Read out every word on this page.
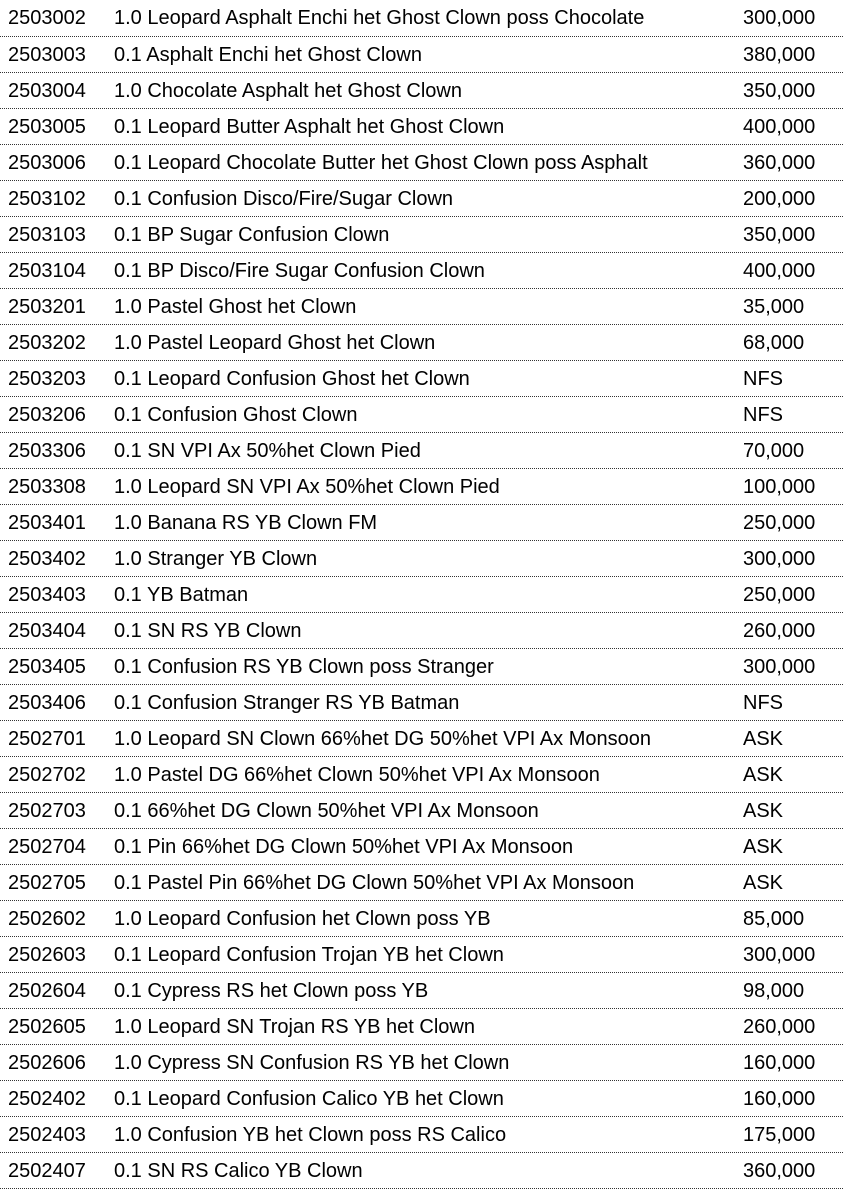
2503002 1.0 Leopard Asphalt Enchi het Ghost Clown poss Chocolate	300,000
2503003 0.1 Asphalt Enchi het Ghost Clown	380,000
2503004 1.0 Chocolate Asphalt het Ghost Clown	350,000
2503005 0.1 Leopard Butter Asphalt het Ghost Clown	400,000
2503006 0.1 Leopard Chocolate Butter het Ghost Clown poss Asphalt	360,000
2503102 0.1 Confusion Disco/Fire/Sugar Clown	200,000
2503103 0.1 BP Sugar Confusion Clown	350,000
2503104 0.1 BP Disco/Fire Sugar Confusion Clown	400,000
2503201 1.0 Pastel Ghost het Clown	35,000
2503202 1.0 Pastel Leopard Ghost het Clown	68,000
2503203 0.1 Leopard Confusion Ghost het Clown	NFS
2503206 0.1 Confusion Ghost Clown	NFS
2503306 0.1 SN VPI Ax 50%het Clown Pied	70,000
2503308 1.0 Leopard SN VPI Ax 50%het Clown Pied	100,000
2503401 1.0 Banana RS YB Clown FM	250,000
2503402 1.0 Stranger YB Clown	300,000
2503403 0.1 YB Batman	250,000
2503404 0.1 SN RS YB Clown	260,000
2503405 0.1 Confusion RS YB Clown poss Stranger	300,000
2503406 0.1 Confusion Stranger RS YB Batman	NFS
2502701 1.0 Leopard SN Clown 66%het DG 50%het VPI Ax Monsoon	ASK
2502702 1.0 Pastel DG 66%het Clown 50%het VPI Ax Monsoon	ASK
2502703 0.1 66%het DG Clown 50%het VPI Ax Monsoon	ASK
2502704 0.1 Pin 66%het DG Clown 50%het VPI Ax Monsoon	ASK
2502705 0.1 Pastel Pin 66%het DG Clown 50%het VPI Ax Monsoon	ASK
2502602 1.0 Leopard Confusion het Clown poss YB	85,000
2502603 0.1 Leopard Confusion Trojan YB het Clown	300,000
2502604 0.1 Cypress RS het Clown poss YB	98,000
2502605 1.0 Leopard SN Trojan RS YB het Clown	260,000
2502606 1.0 Cypress SN Confusion RS YB het Clown	160,000
2502402 0.1 Leopard Confusion Calico YB het Clown	160,000
2502403 1.0 Confusion YB het Clown poss RS Calico	175,000
2502407 0.1 SN RS Calico YB Clown	360,000
